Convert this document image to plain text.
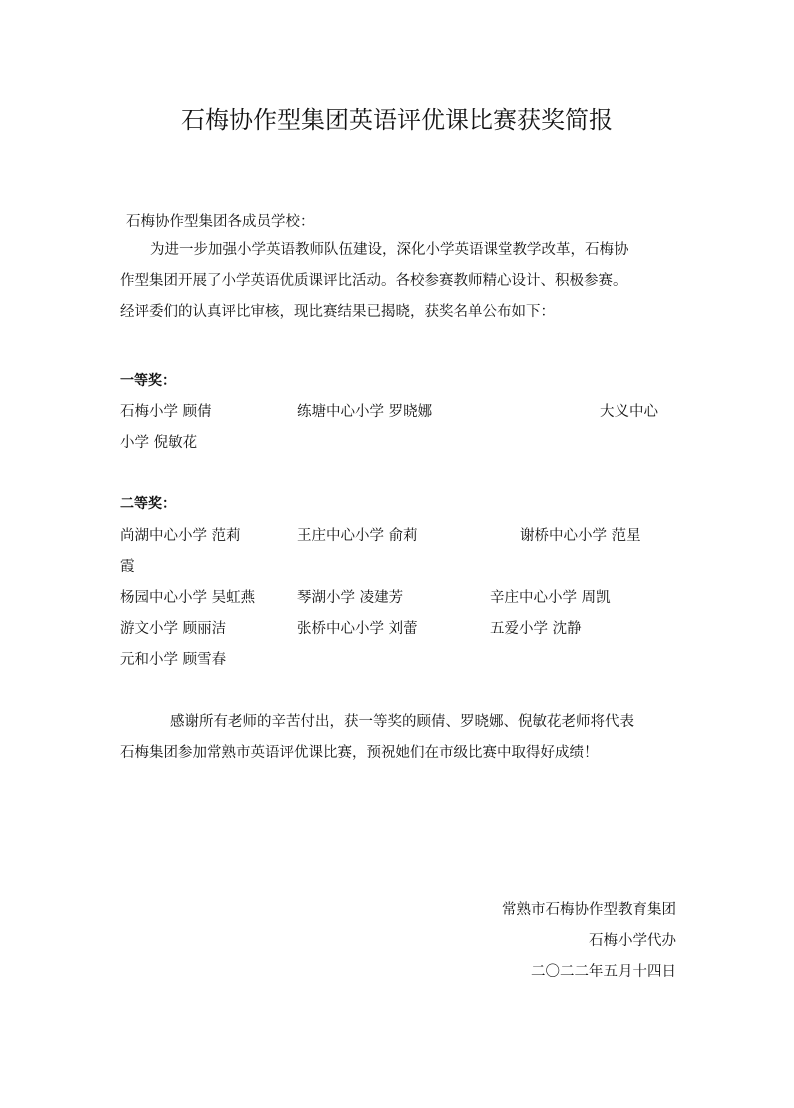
石梅协作型集团英语评优课比赛获奖简报
石梅协作型集团各成员学校：
为进一步加强小学英语教师队伍建设，深化小学英语课堂教学改革，石梅协
作型集团开展了小学英语优质课评比活动。各校参赛教师精心设计、积极参赛。
经评委们的认真评比审核，现比赛结果已揭晓，获奖名单公布如下：
一等奖：
石梅小学 顾倩	练塘中心小学 罗晓娜	大义中心
小学 倪敏花
二等奖：
尚湖中心小学 范莉	王庄中心小学 俞莉	谢桥中心小学 范星
霞
杨园中心小学 吴虹燕	琴湖小学 凌建芳	辛庄中心小学 周凯
游文小学 顾丽洁	张桥中心小学 刘蕾	五爱小学 沈静
元和小学 顾雪春
感谢所有老师的辛苦付出，获一等奖的顾倩、罗晓娜、倪敏花老师将代表
石梅集团参加常熟市英语评优课比赛，预祝她们在市级比赛中取得好成绩！
常熟市石梅协作型教育集团
石梅小学代办
二〇二二年五月十四日
